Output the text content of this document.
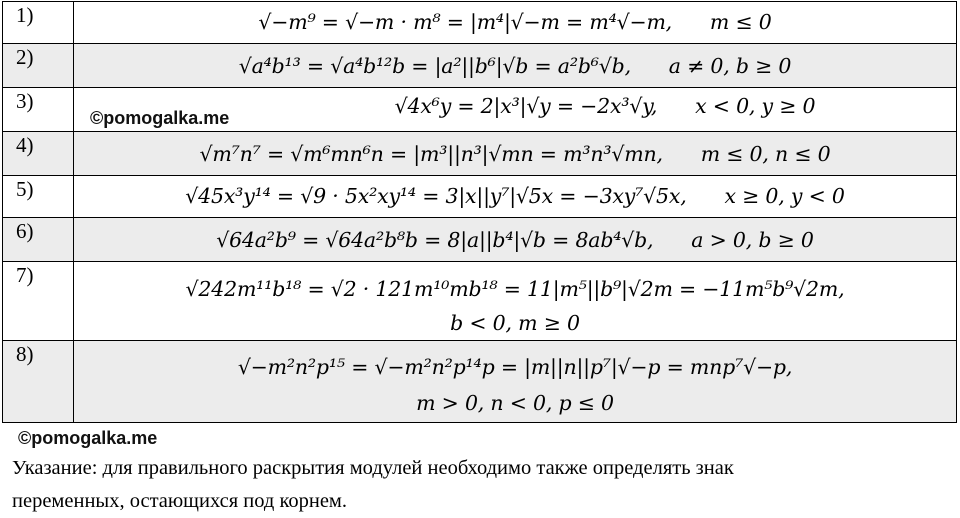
1)	√−m⁹ = √−m · m⁸ = |m⁴|√−m = m⁴√−m,      m ≤ 0

2)	√a⁴b¹³ = √a⁴b¹²b = |a²||b⁶|√b = a²b⁶√b,      a ≠ 0, b ≥ 0

3)	√4x⁶y = 2|x³|√y = −2x³√y,      x < 0, y ≥ 0

4)	√m⁷n⁷ = √m⁶mn⁶n = |m³||n³|√mn = m³n³√mn,      m ≤ 0, n ≤ 0

5)	√45x³y¹⁴ = √9 · 5x²xy¹⁴ = 3|x||y⁷|√5x = −3xy⁷√5x,      x ≥ 0, y < 0

6)	√64a²b⁹ = √64a²b⁸b = 8|a||b⁴|√b = 8ab⁴√b,      a > 0, b ≥ 0

7)	√242m¹¹b¹⁸ = √2 · 121m¹⁰mb¹⁸ = 11|m⁵||b⁹|√2m = −11m⁵b⁹√2m,
b < 0, m ≥ 0

8)	√−m²n²p¹⁵ = √−m²n²p¹⁴p = |m||n||p⁷|√−p = mnp⁷√−p,
m > 0, n < 0, p ≤ 0
©pomogalka.me
©pomogalka.me
Указание: для правильного раскрытия модулей необходимо также определять знак
переменных, остающихся под корнем.
